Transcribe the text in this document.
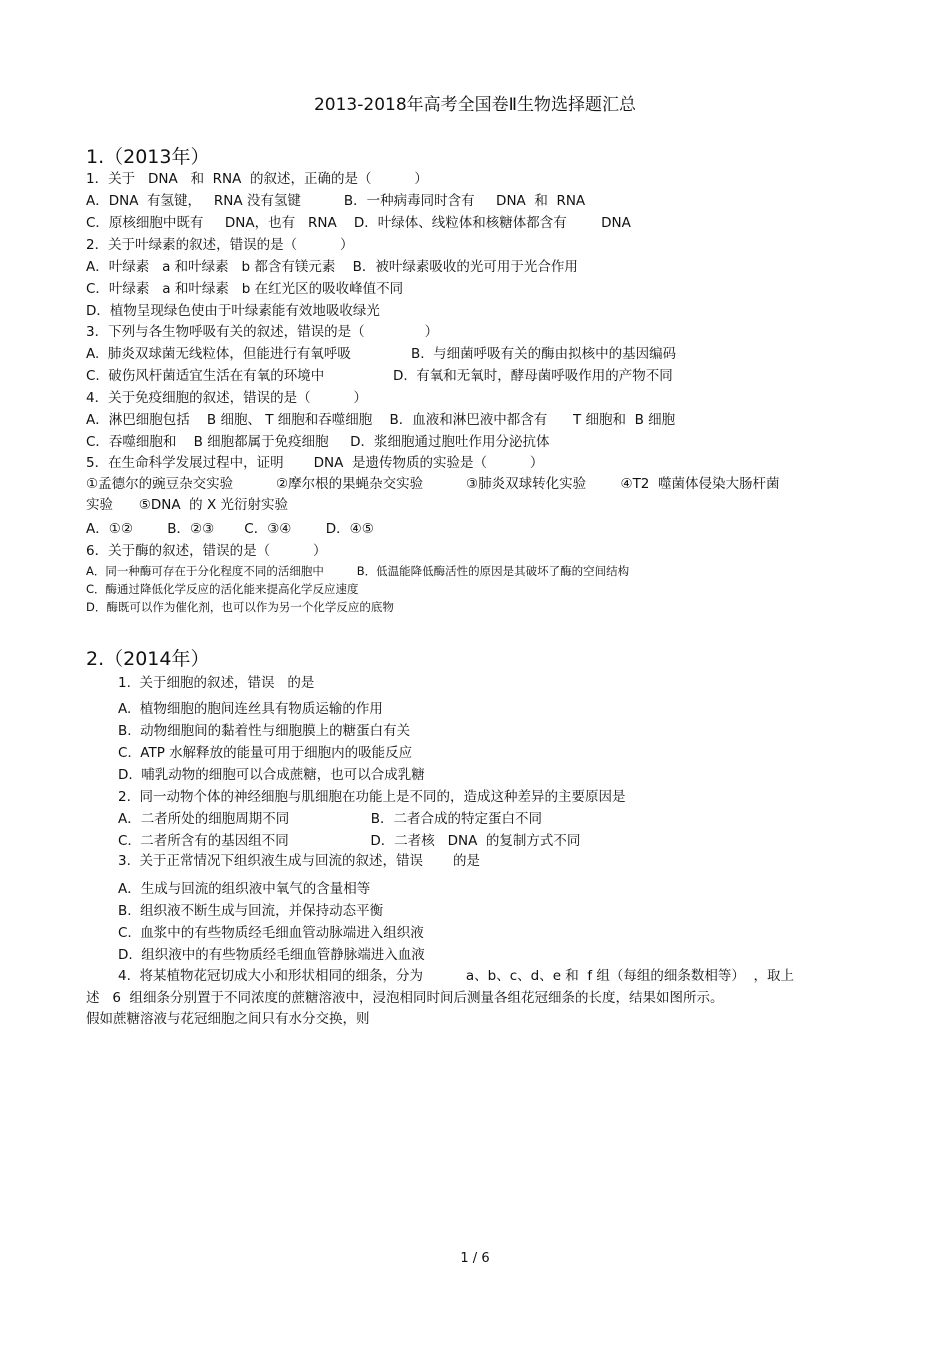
2013-2018年高考全国卷Ⅱ生物选择题汇总
1.（2013年）
1．关于   DNA   和  RNA  的叙述，正确的是（          ）
A．DNA  有氢键，   RNA 没有氢键          B．一种病毒同时含有     DNA  和  RNA
C．原核细胞中既有     DNA，也有   RNA    D．叶绿体、线粒体和核糖体都含有        DNA
2．关于叶绿素的叙述，错误的是（          ）
A．叶绿素   a 和叶绿素   b 都含有镁元素    B．被叶绿素吸收的光可用于光合作用
C．叶绿素   a 和叶绿素   b 在红光区的吸收峰值不同
D．植物呈现绿色使由于叶绿素能有效地吸收绿光
3．下列与各生物呼吸有关的叙述，错误的是（              ）
A.  肺炎双球菌无线粒体，但能进行有氧呼吸              B.  与细菌呼吸有关的酶由拟核中的基因编码
C.  破伤风杆菌适宜生活在有氧的环境中                D.  有氧和无氧时，酵母菌呼吸作用的产物不同
4．关于免疫细胞的叙述，错误的是（          ）
A．淋巴细胞包括    B 细胞、 T 细胞和吞噬细胞    B．血液和淋巴液中都含有      T 细胞和  B 细胞
C．吞噬细胞和    B 细胞都属于免疫细胞     D．浆细胞通过胞吐作用分泌抗体
5．在生命科学发展过程中，证明       DNA  是遗传物质的实验是（          ）
①孟德尔的豌豆杂交实验          ②摩尔根的果蝇杂交实验          ③肺炎双球转化实验        ④T2  噬菌体侵染大肠杆菌
实验      ⑤DNA  的 X 光衍射实验
A．①②        B．②③       C．③④        D．④⑤
6．关于酶的叙述，错误的是（          ）
A．同一种酶可存在于分化程度不同的活细胞中         B．低温能降低酶活性的原因是其破坏了酶的空间结构
C．酶通过降低化学反应的活化能来提高化学反应速度
D．酶既可以作为催化剂，也可以作为另一个化学反应的底物
2.（2014年）
1.  关于细胞的叙述，错误   的是
A.  植物细胞的胞间连丝具有物质运输的作用
B.  动物细胞间的黏着性与细胞膜上的糖蛋白有关
C.  ATP 水解释放的能量可用于细胞内的吸能反应
D.  哺乳动物的细胞可以合成蔗糖，也可以合成乳糖
2.  同一动物个体的神经细胞与肌细胞在功能上是不同的，造成这种差异的主要原因是
A．二者所处的细胞周期不同                   B．二者合成的特定蛋白不同
C.  二者所含有的基因组不同                   D．二者核   DNA  的复制方式不同
3.  关于正常情况下组织液生成与回流的叙述，错误       的是
A．生成与回流的组织液中氧气的含量相等
B.  组织液不断生成与回流，并保持动态平衡
C.  血浆中的有些物质经毛细血管动脉端进入组织液
D.  组织液中的有些物质经毛细血管静脉端进入血液
4.  将某植物花冠切成大小和形状相同的细条，分为          a、b、c、d、e 和  f 组（每组的细条数相等）  ，取上
述   6  组细条分别置于不同浓度的蔗糖溶液中，浸泡相同时间后测量各组花冠细条的长度，结果如图所示。
假如蔗糖溶液与花冠细胞之间只有水分交换，则
1 / 6
